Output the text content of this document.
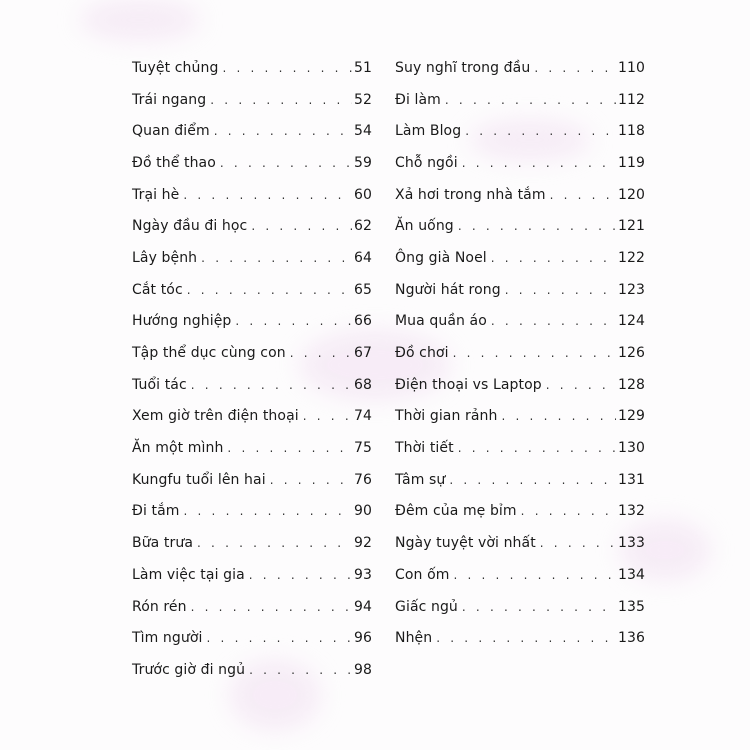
Tuyệt chủng . . .	51
Trái ngang . . .	52
Quan điểm . . .	54
Đồ thể thao . . .	59
Trại hè . . .	60
Ngày đầu đi học . . .	62
Lây bệnh . . .	64
Cắt tóc . . .	65
Hướng nghiệp . . .	66
Tập thể dục cùng con . . .	67
Tuổi tác . . .	68
Xem giờ trên điện thoại . . .	74
Ăn một mình . . .	75
Kungfu tuổi lên hai . . .	76
Đi tắm . . .	90
Bữa trưa . . .	92
Làm việc tại gia . . .	93
Rón rén . . .	94
Tìm người . . .	96
Trước giờ đi ngủ . . .	98
Suy nghĩ trong đầu . . .	110
Đi làm . . .	112
Làm Blog . . .	118
Chỗ ngồi . . .	119
Xả hơi trong nhà tắm . . .	120
Ăn uống . . .	121
Ông già Noel . . .	122
Người hát rong . . .	123
Mua quần áo . . .	124
Đồ chơi . . .	126
Điện thoại vs Laptop . . .	128
Thời gian rảnh . . .	129
Thời tiết . . .	130
Tâm sự . . .	131
Đêm của mẹ bỉm . . .	132
Ngày tuyệt vời nhất . . .	133
Con ốm . . .	134
Giấc ngủ . . .	135
Nhện . . .	136
